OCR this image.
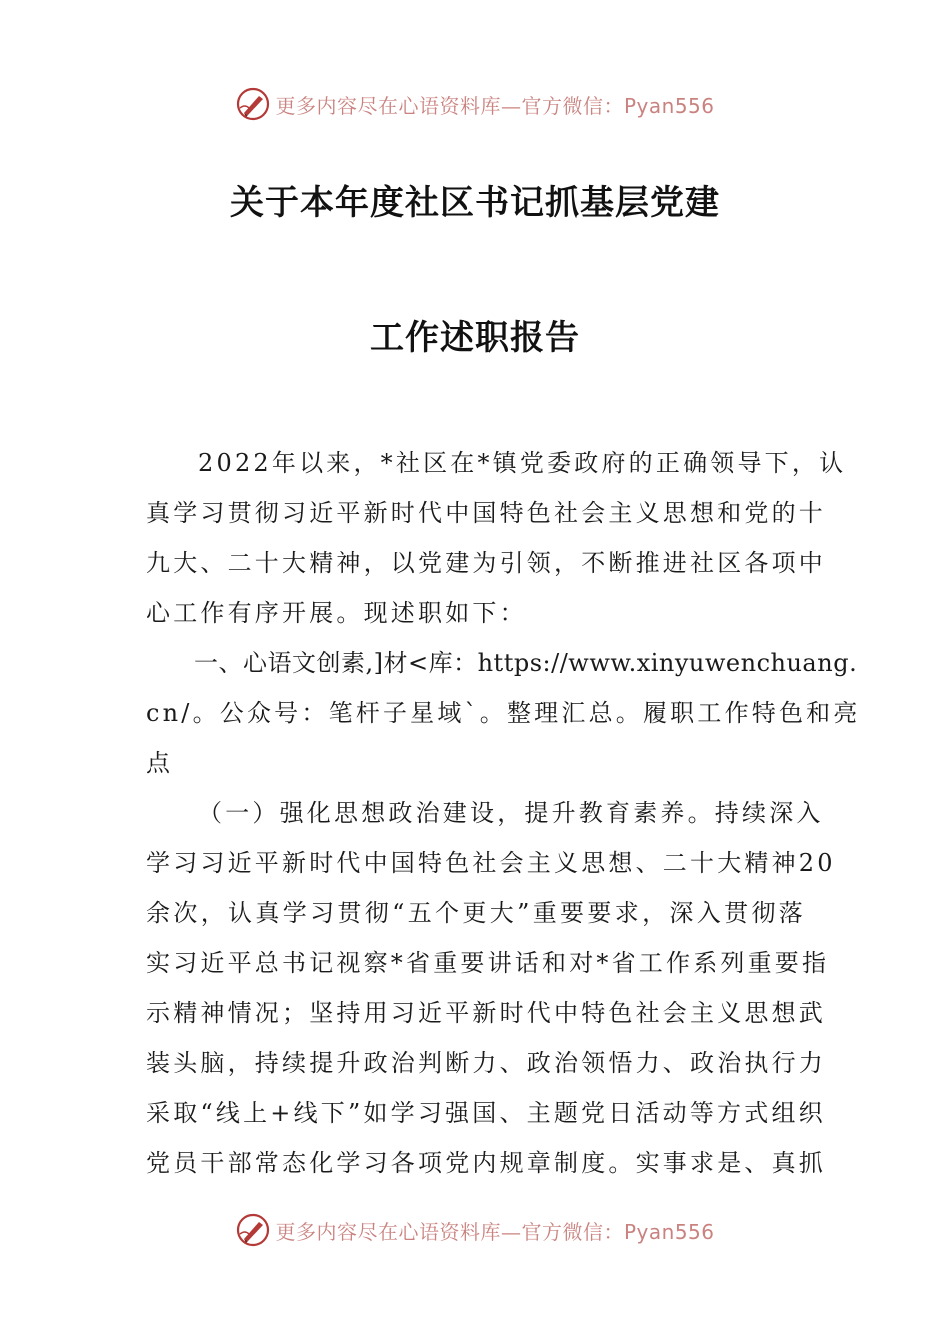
更多内容尽在心语资料库—官方微信：Pyan556
关于本年度社区书记抓基层党建
工作述职报告
2022年以来，*社区在*镇党委政府的正确领导下，认
真学习贯彻习近平新时代中国特色社会主义思想和党的十
九大、二十大精神，以党建为引领，不断推进社区各项中
心工作有序开展。现述职如下：
一、心语文创素,]材<库：https://www.xinyuwenchuang.
cn/。公众号：笔杆子星域`。整理汇总。履职工作特色和亮
点
（一）强化思想政治建设，提升教育素养。持续深入
学习习近平新时代中国特色社会主义思想、二十大精神20
余次，认真学习贯彻“五个更大”重要要求，深入贯彻落
实习近平总书记视察*省重要讲话和对*省工作系列重要指
示精神情况；坚持用习近平新时代中特色社会主义思想武
装头脑，持续提升政治判断力、政治领悟力、政治执行力
采取“线上+线下”如学习强国、主题党日活动等方式组织
党员干部常态化学习各项党内规章制度。实事求是、真抓
更多内容尽在心语资料库—官方微信：Pyan556
